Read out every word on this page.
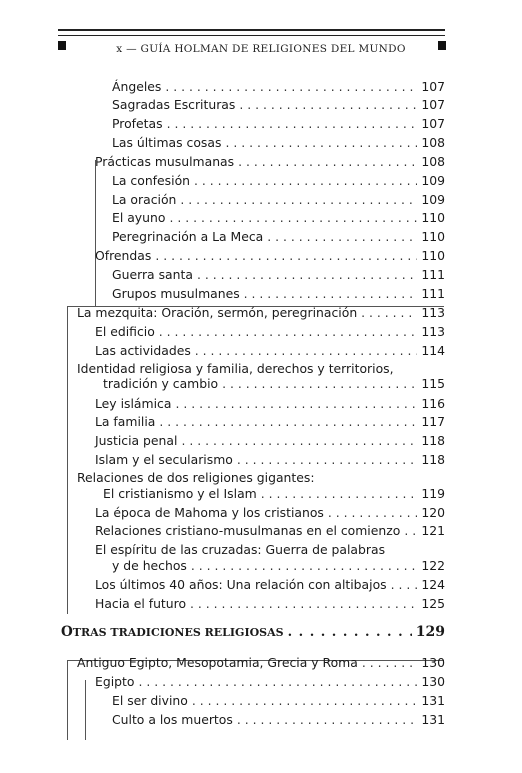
x — GUÍA HOLMAN DE RELIGIONES DEL MUNDO
Ángeles . . .	107
Sagradas Escrituras . . .	107
Profetas . . .	107
Las últimas cosas . . .	108
Prácticas musulmanas . . .	108
La confesión . . .	109
La oración . . .	109
El ayuno . . .	110
Peregrinación a La Meca . . .	110
Ofrendas . . .	110
Guerra santa . . .	111
Grupos musulmanes . . .	111
La mezquita: Oración, sermón, peregrinación . . .	113
El edificio . . .	113
Las actividades . . .	114
Identidad religiosa y familia, derechos y territorios,
tradición y cambio . . .	115
Ley islámica . . .	116
La familia . . .	117
Justicia penal . . .	118
Islam y el secularismo . . .	118
Relaciones de dos religiones gigantes:
El cristianismo y el Islam . . .	119
La época de Mahoma y los cristianos . . .	120
Relaciones cristiano-musulmanas en el comienzo . . . 121
El espíritu de las cruzadas: Guerra de palabras
y de hechos . . .	122
Los últimos 40 años: Una relación con altibajos . . .	124
Hacia el futuro . . .	125
O TRAS TRADICIONES RELIGIOSAS . . .	129
Antiguo Egipto, Mesopotamia, Grecia y Roma . . .	130
Egipto . . .	130
El ser divino . . .	131
Culto a los muertos . . .	131
